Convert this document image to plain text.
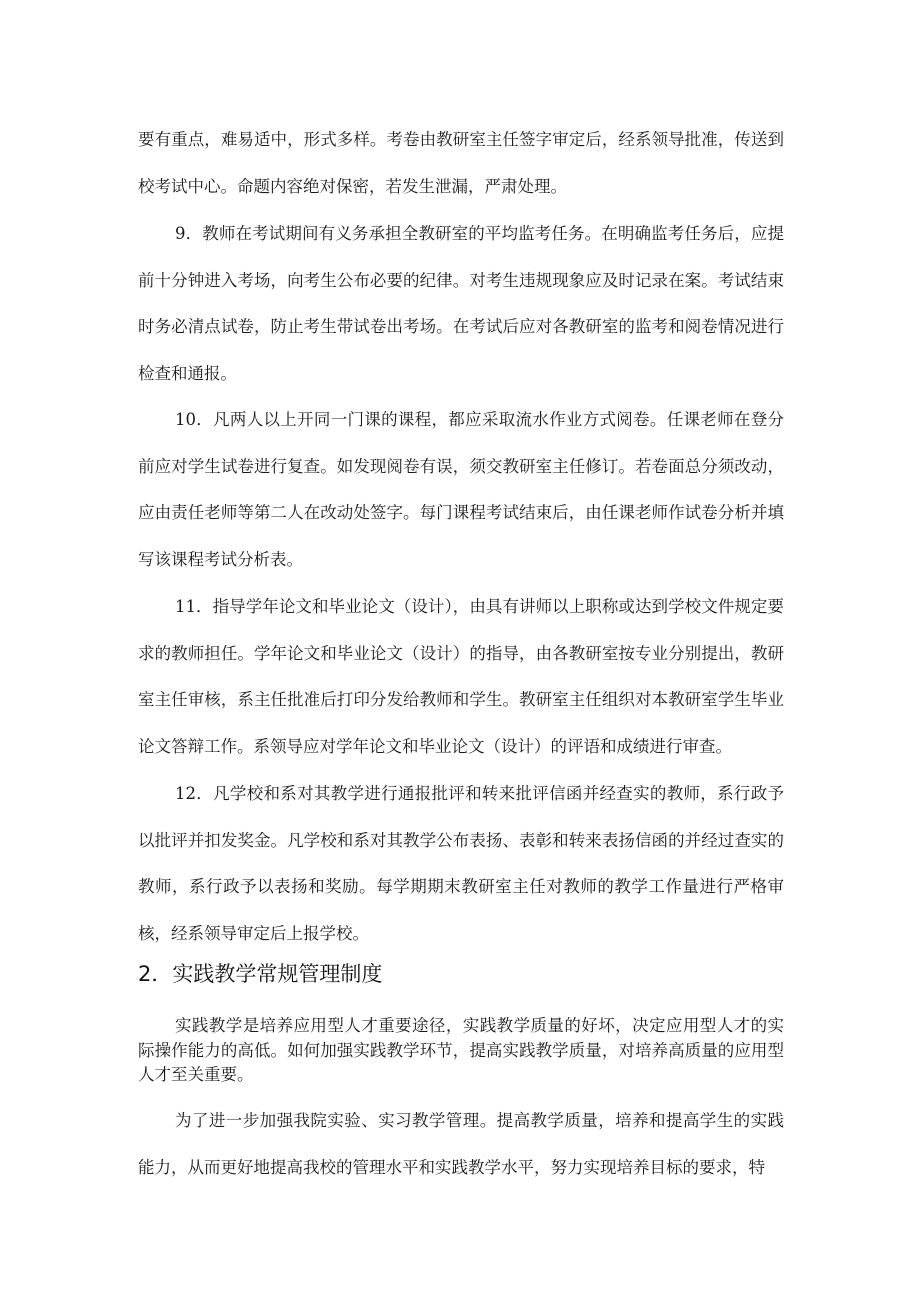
要有重点，难易适中，形式多样。考卷由教研室主任签字审定后，经系领导批准，传送到校考试中心。命题内容绝对保密，若发生泄漏，严肃处理。

9．教师在考试期间有义务承担全教研室的平均监考任务。在明确监考任务后，应提前十分钟进入考场，向考生公布必要的纪律。对考生违规现象应及时记录在案。考试结束时务必清点试卷，防止考生带试卷出考场。在考试后应对各教研室的监考和阅卷情况进行检查和通报。

10．凡两人以上开同一门课的课程，都应采取流水作业方式阅卷。任课老师在登分前应对学生试卷进行复查。如发现阅卷有误，须交教研室主任修订。若卷面总分须改动，应由责任老师等第二人在改动处签字。每门课程考试结束后，由任课老师作试卷分析并填写该课程考试分析表。

11．指导学年论文和毕业论文（设计），由具有讲师以上职称或达到学校文件规定要求的教师担任。学年论文和毕业论文（设计）的指导，由各教研室按专业分别提出，教研室主任审核，系主任批准后打印分发给教师和学生。教研室主任组织对本教研室学生毕业论文答辩工作。系领导应对学年论文和毕业论文（设计）的评语和成绩进行审查。

12．凡学校和系对其教学进行通报批评和转来批评信函并经查实的教师，系行政予以批评并扣发奖金。凡学校和系对其教学公布表扬、表彰和转来表扬信函的并经过查实的教师，系行政予以表扬和奖励。每学期期末教研室主任对教师的教学工作量进行严格审核，经系领导审定后上报学校。

2．实践教学常规管理制度

实践教学是培养应用型人才重要途径，实践教学质量的好坏，决定应用型人才的实际操作能力的高低。如何加强实践教学环节，提高实践教学质量，对培养高质量的应用型人才至关重要。

为了进一步加强我院实验、实习教学管理。提高教学质量，培养和提高学生的实践能力，从而更好地提高我校的管理水平和实践教学水平，努力实现培养目标的要求，特
